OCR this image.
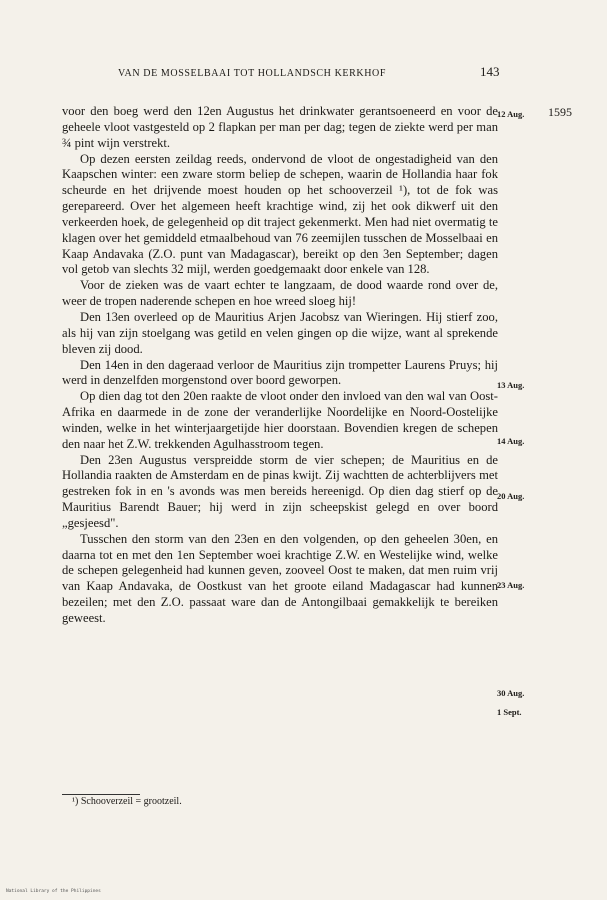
VAN DE MOSSELBAAI TOT HOLLANDSCH KERKHOF	143

voor den boeg werd den 12en Augustus het drinkwater gerantsoeneerd en voor de geheele vloot vastgesteld op 2 flapkan per man per dag; tegen de ziekte werd per man ¾ pint wijn verstrekt.

Op dezen eersten zeildag reeds, ondervond de vloot de ongestadigheid van den Kaapschen winter: een zware storm beliep de schepen, waarin de Hollandia haar fok scheurde en het drijvende moest houden op het schooverzeil ¹), tot de fok was gerepareerd. Over het algemeen heeft krachtige wind, zij het ook dikwerf uit den verkeerden hoek, de gelegenheid op dit traject gekenmerkt. Men had niet overmatig te klagen over het gemiddeld etmaalbehoud van 76 zeemijlen tusschen de Mosselbaai en Kaap Andavaka (Z.O. punt van Madagascar), bereikt op den 3en September; dagen vol getob van slechts 32 mijl, werden goedgemaakt door enkele van 128.

Voor de zieken was de vaart echter te langzaam, de dood waarde rond over de, weer de tropen naderende schepen en hoe wreed sloeg hij!

Den 13en overleed op de Mauritius Arjen Jacobsz van Wieringen. Hij stierf zoo, als hij van zijn stoelgang was getild en velen gingen op die wijze, want al sprekende bleven zij dood.

Den 14en in den dageraad verloor de Mauritius zijn trompetter Laurens Pruys; hij werd in denzelfden morgenstond over boord geworpen.

Op dien dag tot den 20en raakte de vloot onder den invloed van den wal van Oost-Afrika en daarmede in de zone der veranderlijke Noordelijke en Noord-Oostelijke winden, welke in het winterjaargetijde hier doorstaan. Bovendien kregen de schepen den naar het Z.W. trekkenden Agulhasstroom tegen.

Den 23en Augustus verspreidde storm de vier schepen; de Mauritius en de Hollandia raakten de Amsterdam en de pinas kwijt. Zij wachtten de achterblijvers met gestreken fok in en 's avonds was men bereids hereenigd. Op dien dag stierf op de Mauritius Barendt Bauer; hij werd in zijn scheepskist gelegd en over boord „gesjeesd".

Tusschen den storm van den 23en en den volgenden, op den geheelen 30en, en daarna tot en met den 1en September woei krachtige Z.W. en Westelijke wind, welke de schepen gelegenheid had kunnen geven, zooveel Oost te maken, dat men ruim vrij van Kaap Andavaka, de Oostkust van het groote eiland Madagascar had kunnen bezeilen; met den Z.O. passaat ware dan de Antongilbaai gemakkelijk te bereiken geweest.

12 Aug. 1595
13 Aug.
14 Aug.
20 Aug.
23 Aug.
30 Aug.
1 Sept.
¹) Schooverzeil = grootzeil.
National Library of the Philippines
